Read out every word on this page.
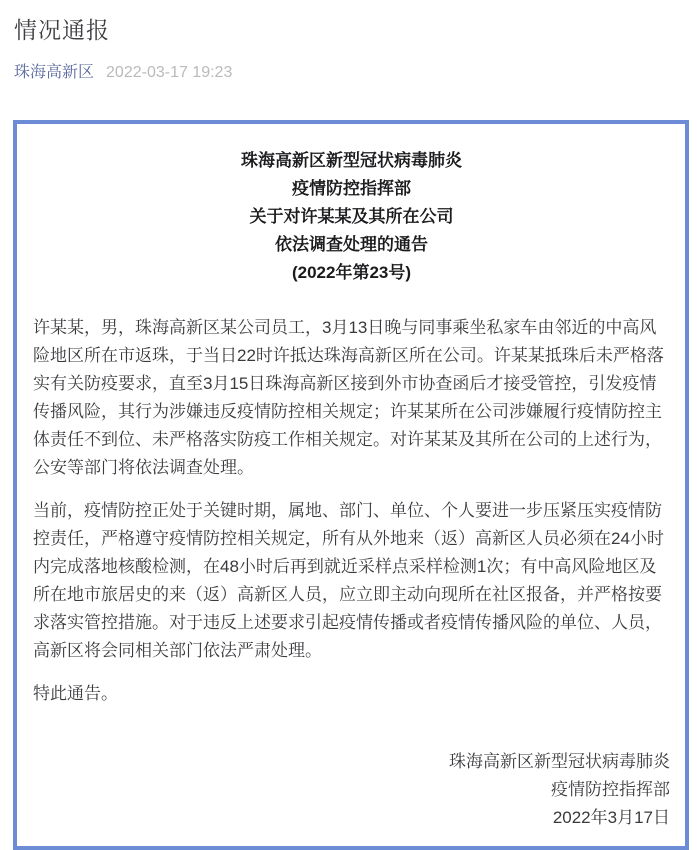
情况通报
珠海高新区 2022-03-17 19:23
珠海高新区新型冠状病毒肺炎
疫情防控指挥部
关于对许某某及其所在公司
依法调查处理的通告
(2022年第23号)

许某某，男，珠海高新区某公司员工，3月13日晚与同事乘坐私家车由邻近的中高风险地区所在市返珠，于当日22时许抵达珠海高新区所在公司。许某某抵珠后未严格落实有关防疫要求，直至3月15日珠海高新区接到外市协查函后才接受管控，引发疫情传播风险，其行为涉嫌违反疫情防控相关规定；许某某所在公司涉嫌履行疫情防控主体责任不到位、未严格落实防疫工作相关规定。对许某某及其所在公司的上述行为，公安等部门将依法调查处理。

当前，疫情防控正处于关键时期，属地、部门、单位、个人要进一步压紧压实疫情防控责任，严格遵守疫情防控相关规定，所有从外地来（返）高新区人员必须在24小时内完成落地核酸检测，在48小时后再到就近采样点采样检测1次；有中高风险地区及所在地市旅居史的来（返）高新区人员，应立即主动向现所在社区报备，并严格按要求落实管控措施。对于违反上述要求引起疫情传播或者疫情传播风险的单位、人员，高新区将会同相关部门依法严肃处理。

特此通告。

珠海高新区新型冠状病毒肺炎
疫情防控指挥部
2022年3月17日
